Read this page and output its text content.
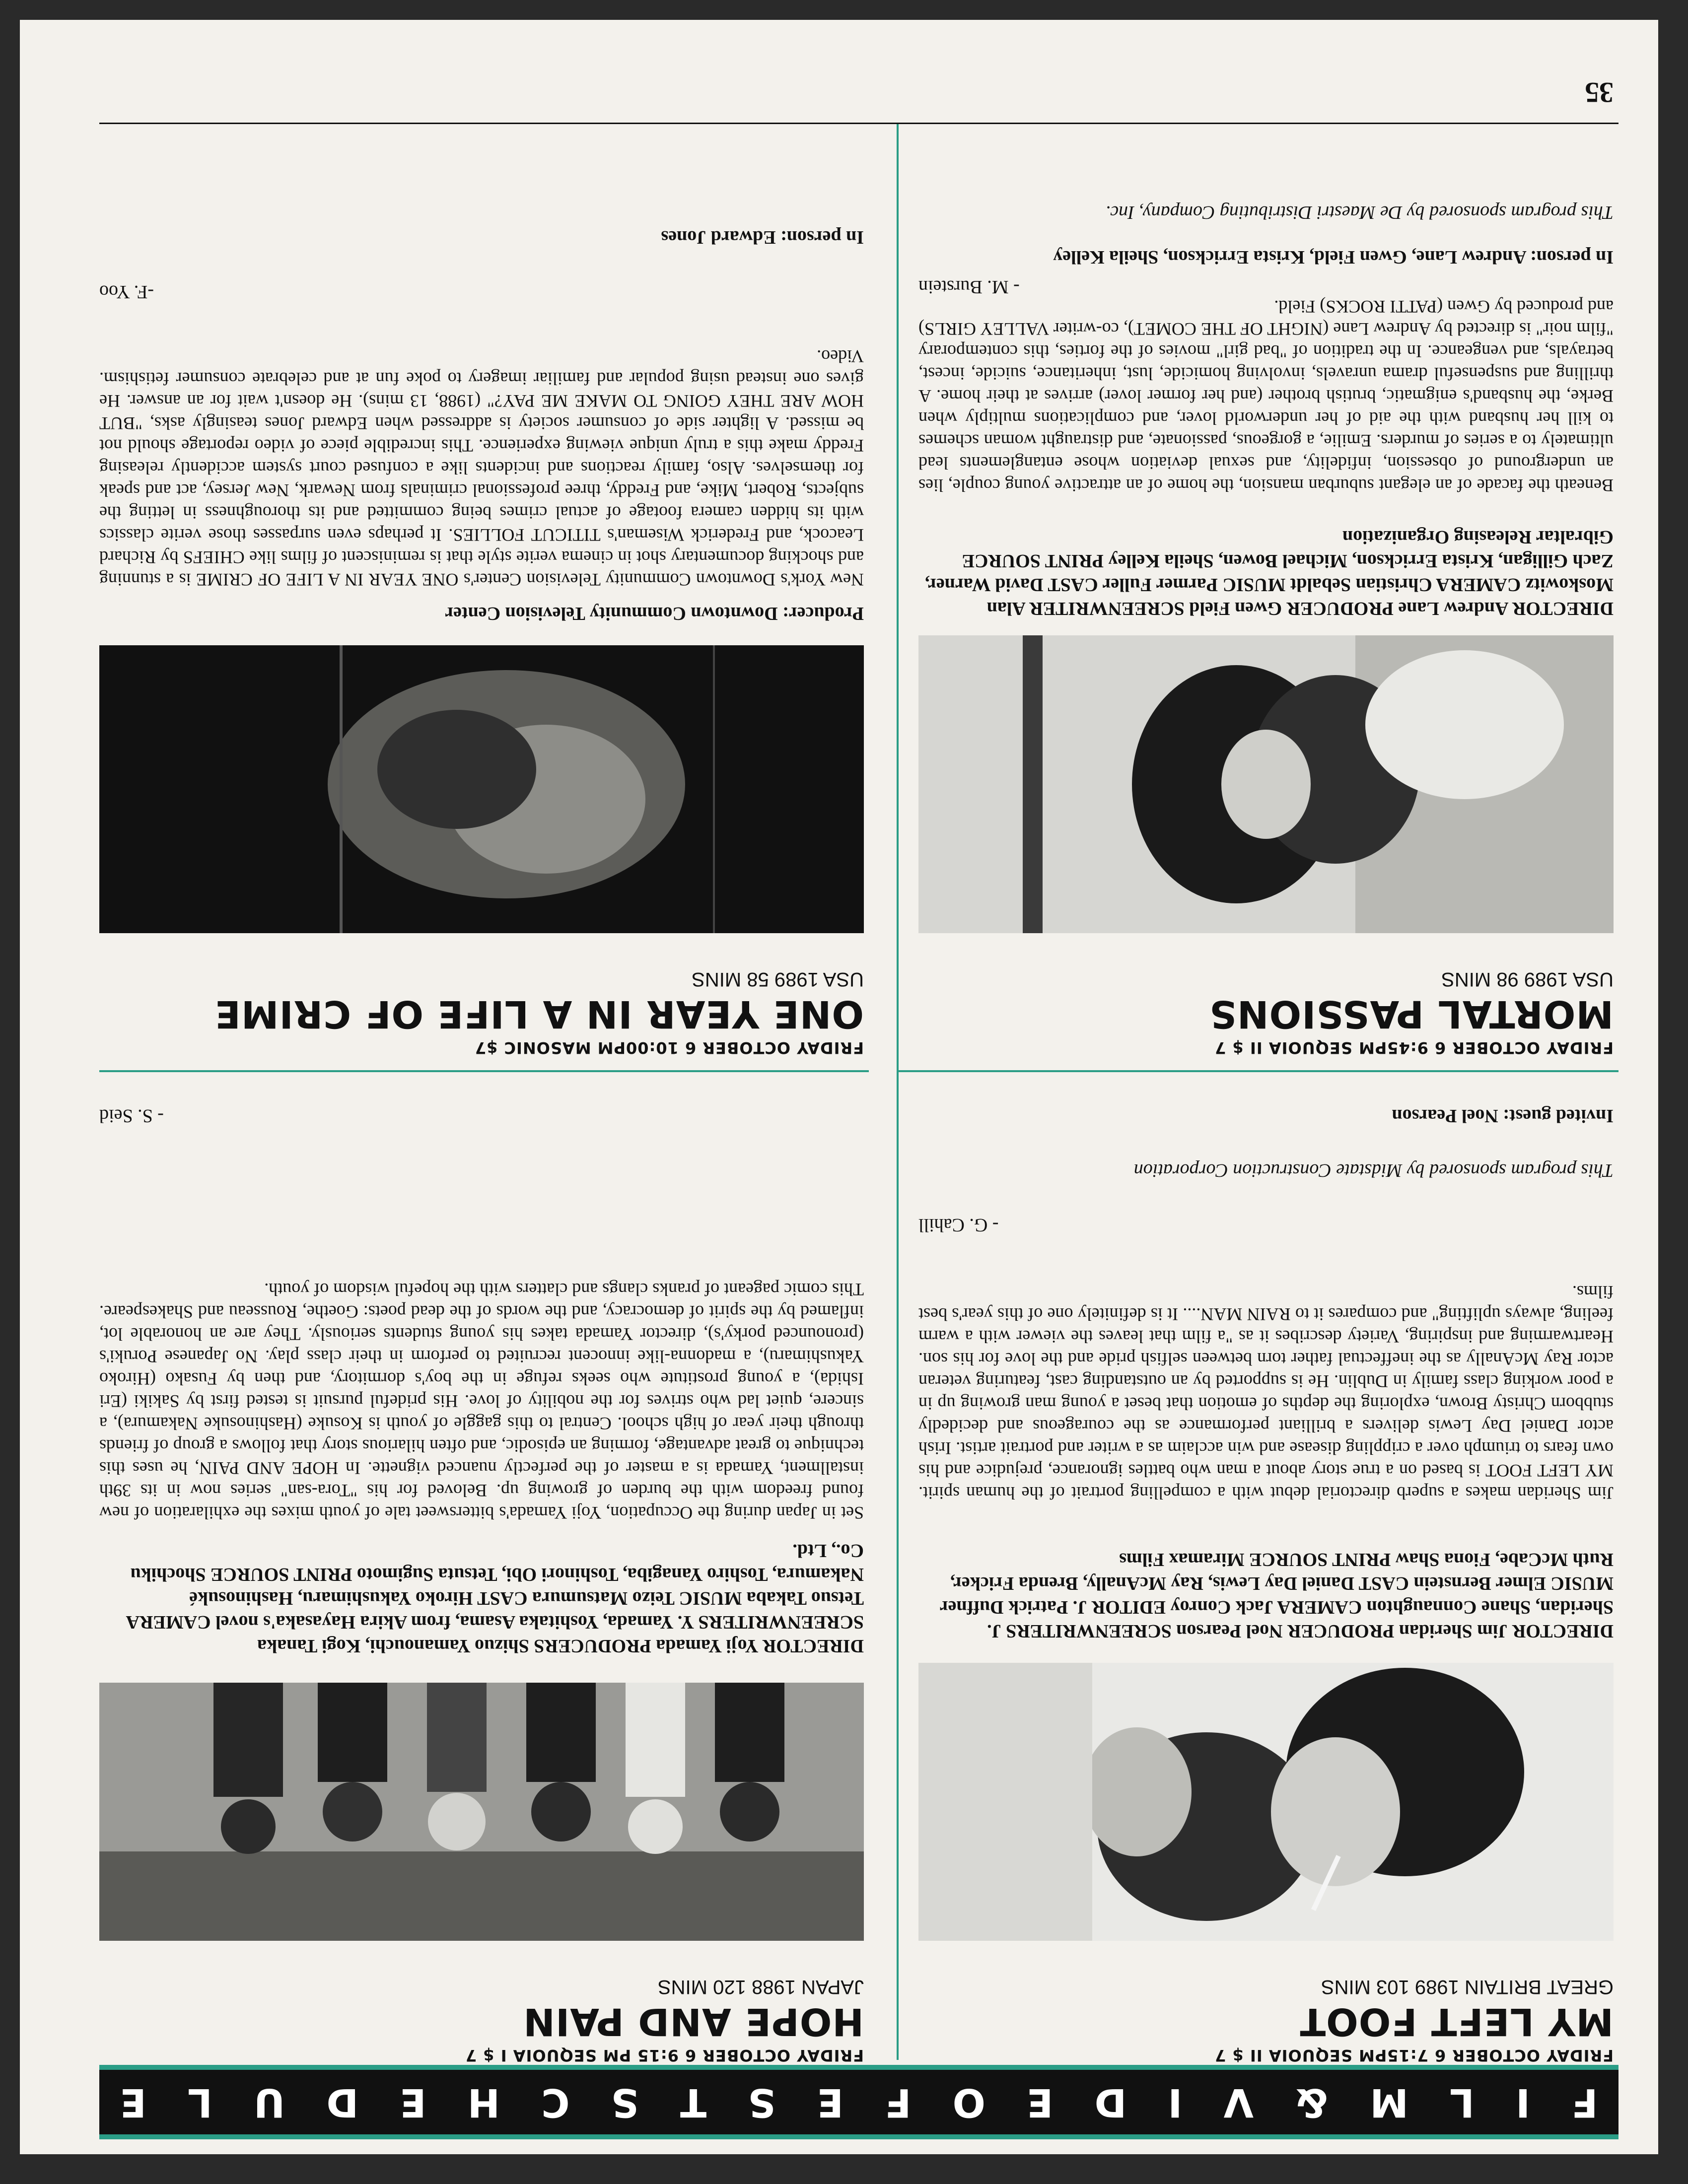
F
I
L
M
&
V
I
D
E
O
F
E
S
T
S
C
H
E
D
U
L
E
FRIDAY OCTOBER 6 7:15PM SEQUOIA II $ 7
MY LEFT FOOT
GREAT BRITAIN 1989 103 MINS
DIRECTOR Jim Sheridan PRODUCER Noel Pearson SCREENWRITERS J. Sheridan, Shane Connaughton CAMERA Jack Conroy EDITOR J. Patrick Duffner MUSIC Elmer Bernstein CAST Daniel Day Lewis, Ray McAnally, Brenda Fricker, Ruth McCabe, Fiona Shaw PRINT SOURCE Miramax Films
Jim Sheridan makes a superb directorial debut with a compelling portrait of the human spirit. MY LEFT FOOT is based on a true story about a man who battles ignorance, prejudice and his own fears to triumph over a crippling disease and win acclaim as a writer and portrait artist. Irish actor Daniel Day Lewis delivers a brilliant performance as the courageous and decidedly stubborn Christy Brown, exploring the depths of emotion that beset a young man growing up in a poor working class family in Dublin. He is supported by an outstanding cast, featuring veteran actor Ray McAnally as the ineffectual father torn between selfish pride and the love for his son. Heartwarming and inspiring, Variety describes it as "a film that leaves the viewer with a warm feeling, always uplifting" and compares it to RAIN MAN.... It is definitely one of this year's best films.
- G. Cahill
This program sponsored by Midstate Construction Corporation
Invited guest: Noel Pearson
FRIDAY OCTOBER 6 9:15 PM SEQUOIA I $ 7
HOPE AND PAIN
JAPAN 1988 120 MINS
DIRECTOR Yoji Yamada PRODUCERS Shizuo Yamanouchi, Kogi Tanaka SCREENWRITERS Y. Yamada, Yoshitaka Asama, from Akira Hayasaka's novel CAMERA Tetsuo Takaba MUSIC Teizo Matsumura CAST Hiroko Yakushimaru, Hashinosuké Nakamura, Toshiro Yanagiba, Toshinori Obi, Tetsuta Sugimoto PRINT SOURCE Shochiku Co., Ltd.
Set in Japan during the Occupation, Yoji Yamada's bittersweet tale of youth mixes the exhilaration of new found freedom with the burden of growing up. Beloved for his "Tora-san" series now in its 39th installment, Yamada is a master of the perfectly nuanced vignette. In HOPE AND PAIN, he uses this technique to great advantage, forming an episodic, and often hilarious story that follows a group of friends through their year of high school. Central to this gaggle of youth is Kosuke (Hashinosuke Nakamura), a sincere, quiet lad who strives for the nobility of love. His prideful pursuit is tested first by Sakiki (Eri Ishida), a young prostitute who seeks refuge in the boy's dormitory, and then by Fusako (Hiroko Yakushimaru), a madonna-like innocent recruited to perform in their class play. No Japanese Poruki's (pronounced porky's), director Yamada takes his young students seriously. They are an honorable lot, inflamed by the spirit of democracy, and the words of the dead poets: Goethe, Rousseau and Shakespeare. This comic pageant of pranks clangs and clatters with the hopeful wisdom of youth.
- S. Seid
FRIDAY OCTOBER 6 9:45PM SEQUOIA II $ 7
MORTAL PASSIONS
USA 1989 98 MINS
DIRECTOR Andrew Lane PRODUCER Gwen Field SCREENWRITER Alan Moskowitz CAMERA Christian Sebaldt MUSIC Parmer Fuller CAST David Warner, Zach Gilligan, Krista Errickson, Michael Bowen, Sheila Kelley PRINT SOURCE Gibraltar Releasing Organization
Beneath the facade of an elegant suburban mansion, the home of an attractive young couple, lies an underground of obsession, infidelity, and sexual deviation whose entanglements lead ultimately to a series of murders. Emilie, a gorgeous, passionate, and distraught woman schemes to kill her husband with the aid of her underworld lover, and complications multiply when Berke, the husband's enigmatic, brutish brother (and her former lover) arrives at their home. A thrilling and suspenseful drama unravels, involving homicide, lust, inheritance, suicide, incest, betrayals, and vengeance. In the tradition of "bad girl" movies of the forties, this contemporary "film noir" is directed by Andrew Lane (NIGHT OF THE COMET), co-writer VALLEY GIRLS) and produced by Gwen (PATTI ROCKS) Field.
- M. Burstein
In person: Andrew Lane, Gwen Field, Krista Errickson, Sheila Kelley
This program sponsored by De Maestri Distributing Company, Inc.
FRIDAY OCTOBER 6 10:00PM MASONIC $7
ONE YEAR IN A LIFE OF CRIME
USA 1989 58 MINS
Producer: Downtown Community Television Center
New York's Downtown Community Television Center's ONE YEAR IN A LIFE OF CRIME is a stunning and shocking documentary shot in cinema verite style that is reminiscent of films like CHIEFS by Richard Leacock, and Frederick Wiseman's TITICUT FOLLIES. It perhaps even surpasses those verite classics with its hidden camera footage of actual crimes being committed and its thoroughness in letting the subjects, Robert, Mike, and Freddy, three professional criminals from Newark, New Jersey, act and speak for themselves. Also, family reactions and incidents like a confused court system accidently releasing Freddy make this a truly unique viewing experience. This incredible piece of video reportage should not be missed. A lighter side of consumer society is addressed when Edward Jones teasingly asks, "BUT HOW ARE THEY GOING TO MAKE ME PAY?" (1988, 13 mins). He doesn't wait for an answer. He gives one instead using popular and familiar imagery to poke fun at and celebrate consumer fetishism. Video.
-F. Yoo
In person: Edward Jones
35
